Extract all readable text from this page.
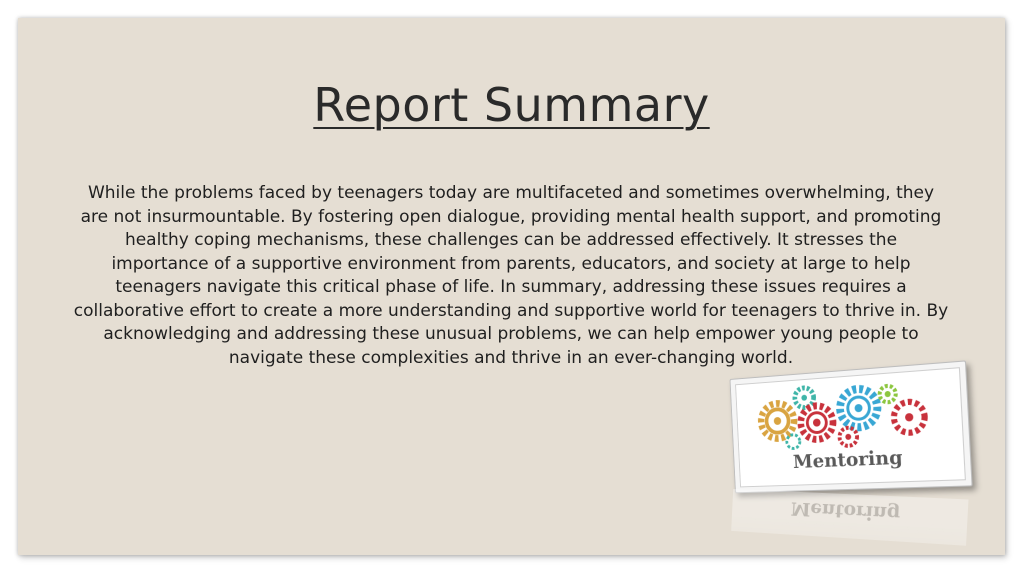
Report Summary
While the problems faced by teenagers today are multifaceted and sometimes overwhelming, they
are not insurmountable. By fostering open dialogue, providing mental health support, and promoting
healthy coping mechanisms, these challenges can be addressed effectively. It stresses the
importance of a supportive environment from parents, educators, and society at large to help
teenagers navigate this critical phase of life. In summary, addressing these issues requires a
collaborative effort to create a more understanding and supportive world for teenagers to thrive in. By
acknowledging and addressing these unusual problems, we can help empower young people to
navigate these complexities and thrive in an ever-changing world.
Mentoring
Mentoring
